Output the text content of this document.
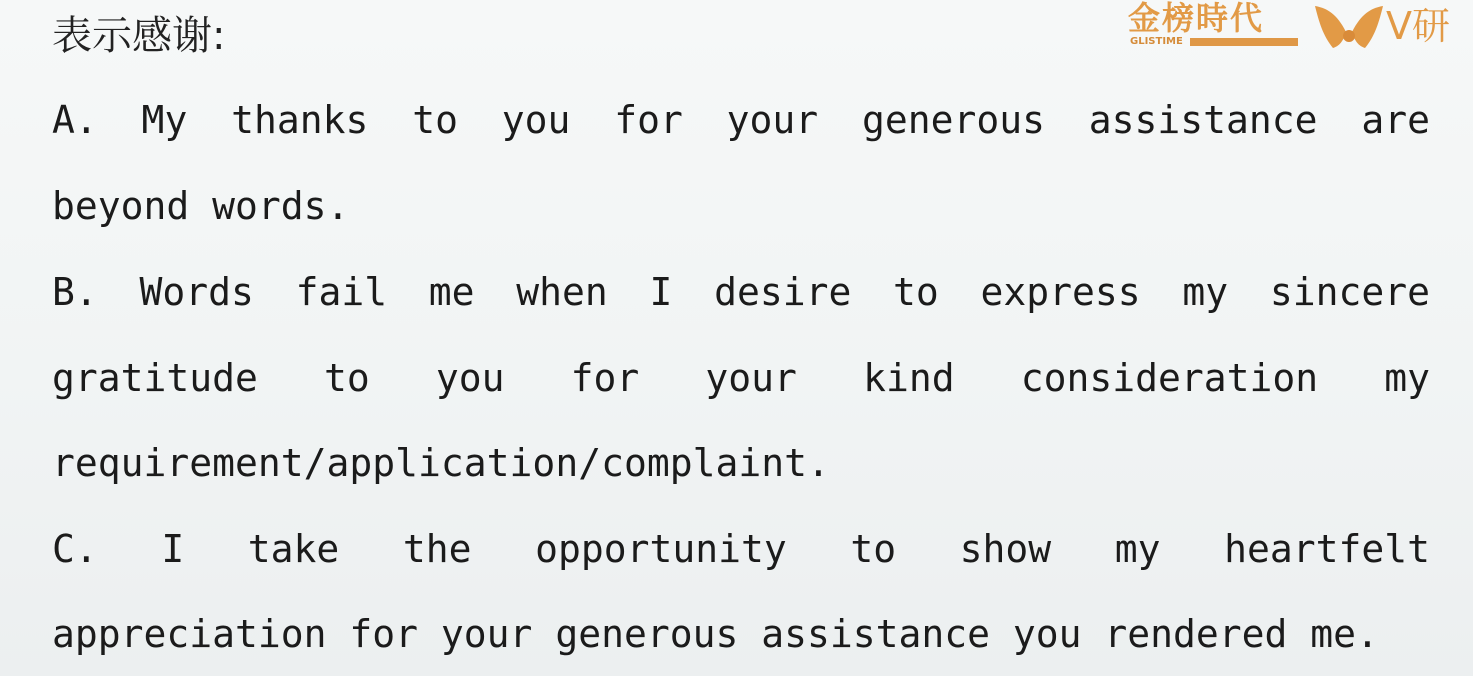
表示感谢:
A. My thanks to you for your generous assistance are
beyond words.
B. Words fail me when I desire to express my sincere
gratitude to you for your kind consideration my
requirement/application/complaint.
C. I take the opportunity to show my heartfelt
appreciation for your generous assistance you rendered me.
金榜時代
GLISTIME	V研
